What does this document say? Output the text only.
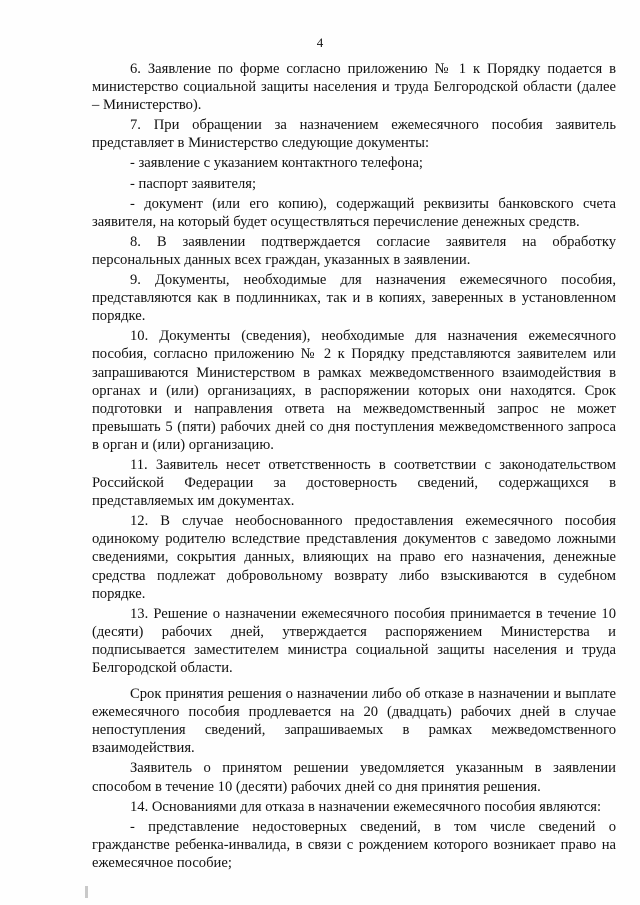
4

6. Заявление по форме согласно приложению № 1 к Порядку подается в министерство социальной защиты населения и труда Белгородской области (далее – Министерство).

7. При обращении за назначением ежемесячного пособия заявитель представляет в Министерство следующие документы:

- заявление с указанием контактного телефона;

- паспорт заявителя;

- документ (или его копию), содержащий реквизиты банковского счета заявителя, на который будет осуществляться перечисление денежных средств.

8. В заявлении подтверждается согласие заявителя на обработку персональных данных всех граждан, указанных в заявлении.

9. Документы, необходимые для назначения ежемесячного пособия, представляются как в подлинниках, так и в копиях, заверенных в установленном порядке.

10. Документы (сведения), необходимые для назначения ежемесячного пособия, согласно приложению № 2 к Порядку представляются заявителем или запрашиваются Министерством в рамках межведомственного взаимодействия в органах и (или) организациях, в распоряжении которых они находятся. Срок подготовки и направления ответа на межведомственный запрос не может превышать 5 (пяти) рабочих дней со дня поступления межведомственного запроса в орган и (или) организацию.

11. Заявитель несет ответственность в соответствии с законодательством Российской Федерации за достоверность сведений, содержащихся в представляемых им документах.

12. В случае необоснованного предоставления ежемесячного пособия одинокому родителю вследствие представления документов с заведомо ложными сведениями, сокрытия данных, влияющих на право его назначения, денежные средства подлежат добровольному возврату либо взыскиваются в судебном порядке.

13. Решение о назначении ежемесячного пособия принимается в течение 10 (десяти) рабочих дней, утверждается распоряжением Министерства и подписывается заместителем министра социальной защиты населения и труда Белгородской области.

Срок принятия решения о назначении либо об отказе в назначении и выплате ежемесячного пособия продлевается на 20 (двадцать) рабочих дней в случае непоступления сведений, запрашиваемых в рамках межведомственного взаимодействия.

Заявитель о принятом решении уведомляется указанным в заявлении способом в течение 10 (десяти) рабочих дней со дня принятия решения.

14. Основаниями для отказа в назначении ежемесячного пособия являются:

- представление недостоверных сведений, в том числе сведений о гражданстве ребенка-инвалида, в связи с рождением которого возникает право на ежемесячное пособие;
